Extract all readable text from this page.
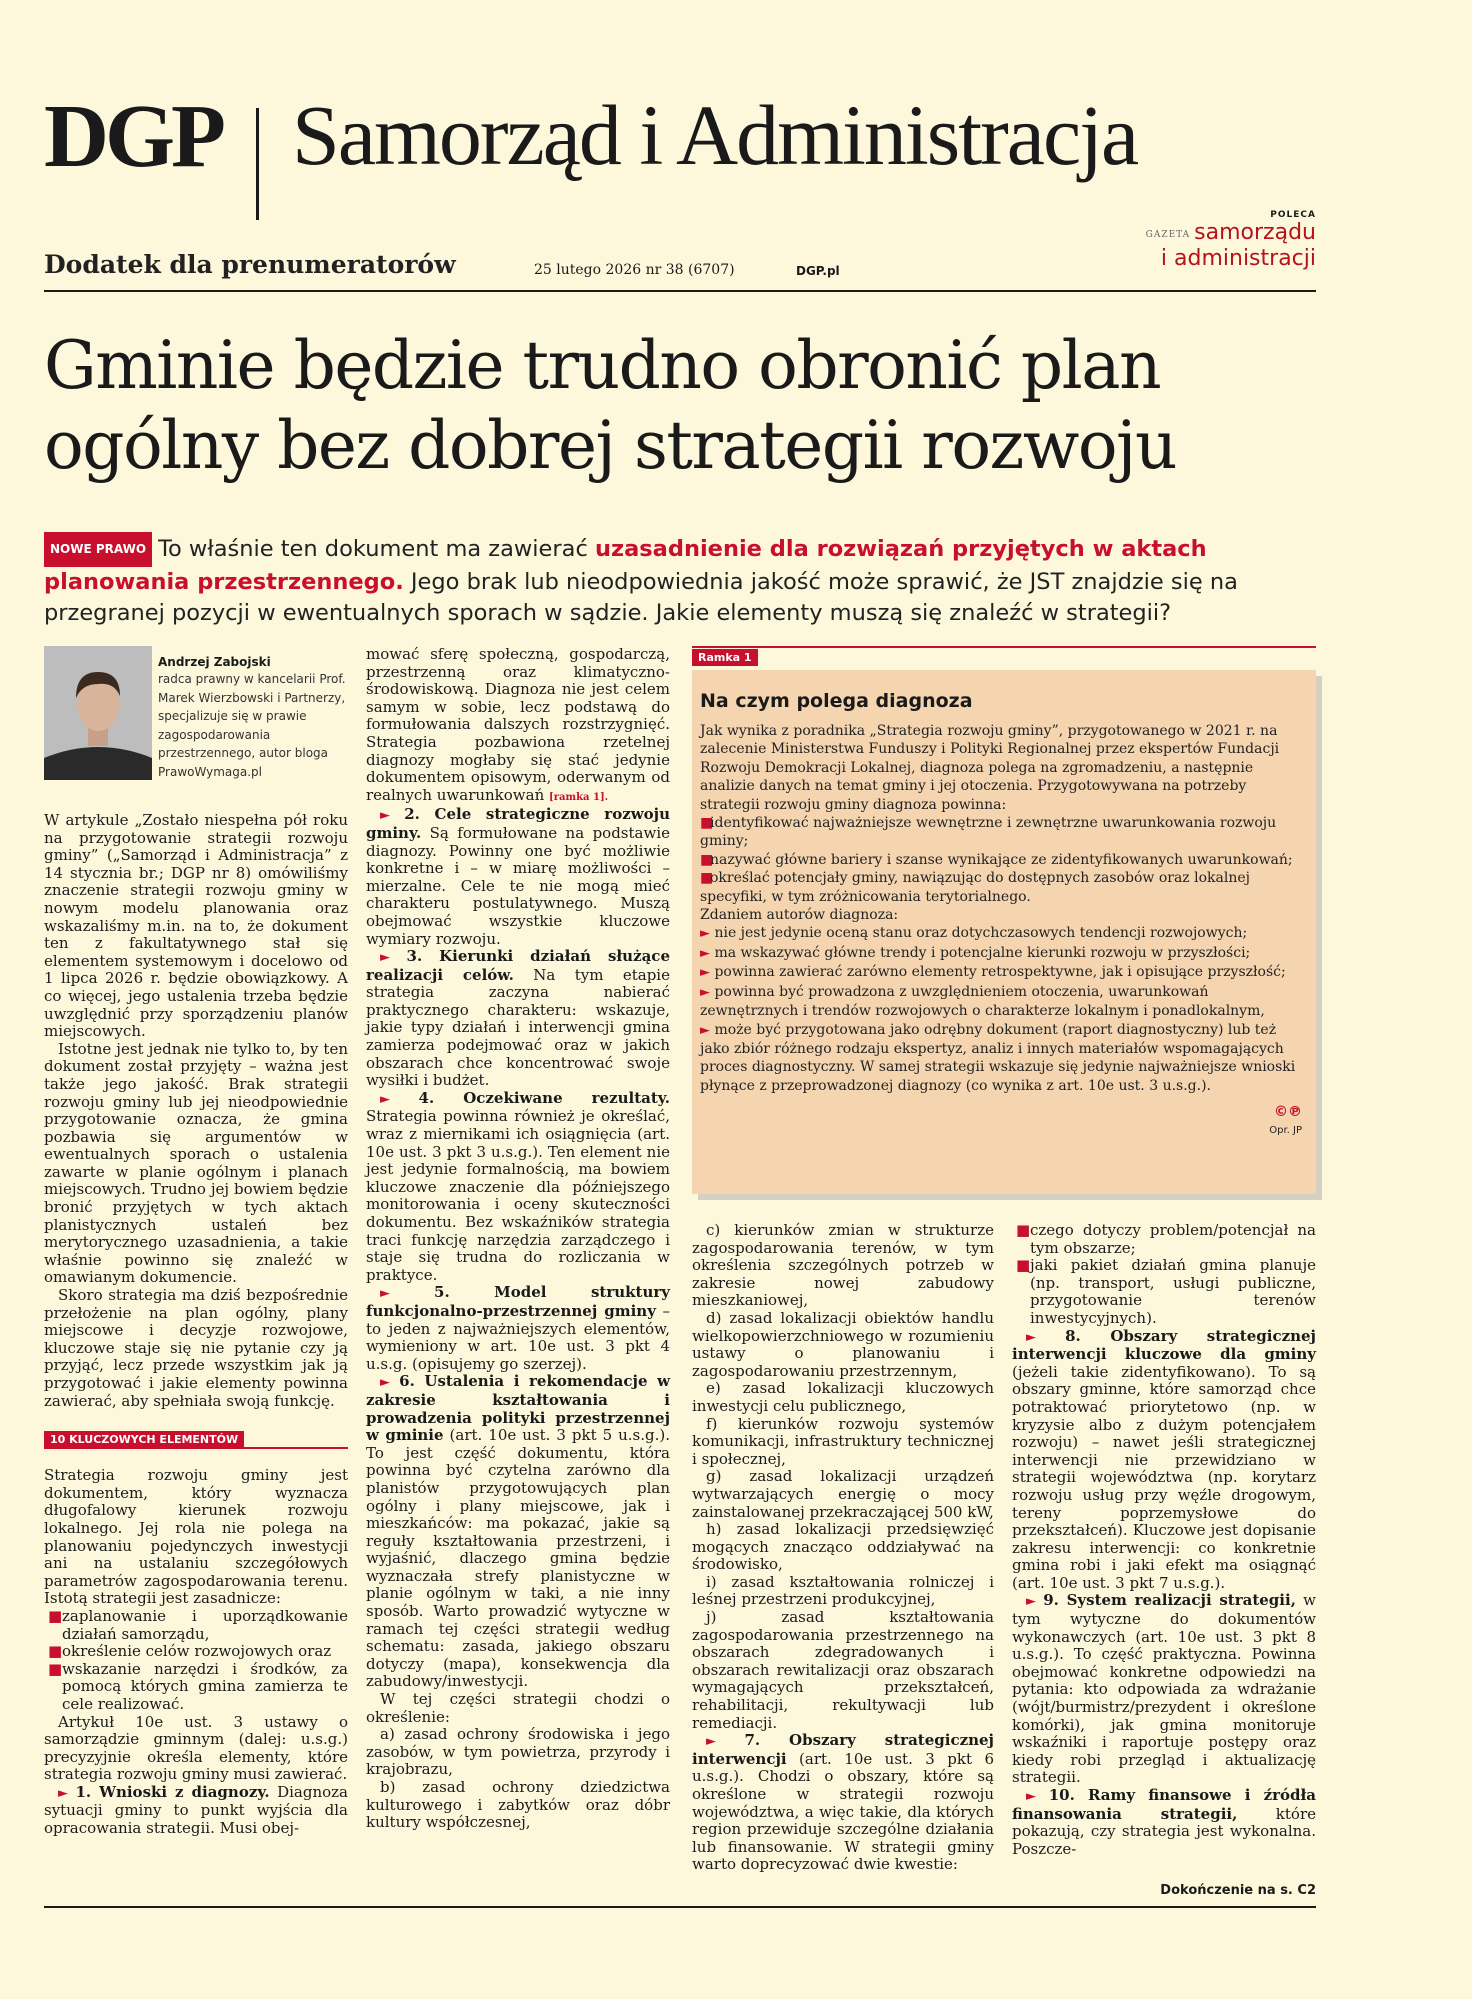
DGP Samorząd i Administracja
Dodatek dla prenumeratorów	25 lutego 2026 nr 38 (6707)	DGP.pl
POLECA
GAZETA samorządu
i administracji
Gminie będzie trudno obronić plan ogólny bez dobrej strategii rozwoju
NOWE PRAWO To właśnie ten dokument ma zawierać uzasadnienie dla rozwiązań przyjętych w aktach planowania przestrzennego. Jego brak lub nieodpowiednia jakość może sprawić, że JST znajdzie się na przegranej pozycji w ewentualnych sporach w sądzie. Jakie elementy muszą się znaleźć w strategii?
Andrzej Zabojski
radca prawny w kancelarii Prof. Marek Wierzbowski i Partnerzy, specjalizuje się w prawie zagospodarowania przestrzennego, autor bloga PrawoWymaga.pl

W artykule „Zostało niespełna pół roku na przygotowanie strategii rozwoju gminy” („Samorząd i Administracja” z 14 stycznia br.; DGP nr 8) omówiliśmy znaczenie strategii rozwoju gminy w nowym modelu planowania oraz wskazaliśmy m.in. na to, że dokument ten z fakultatywnego stał się elementem systemowym i docelowo od 1 lipca 2026 r. będzie obowiązkowy. A co więcej, jego ustalenia trzeba będzie uwzględnić przy sporządzeniu planów miejscowych.

Istotne jest jednak nie tylko to, by ten dokument został przyjęty – ważna jest także jego jakość. Brak strategii rozwoju gminy lub jej nieodpowiednie przygotowanie oznacza, że gmina pozbawia się argumentów w ewentualnych sporach o ustalenia zawarte w planie ogólnym i planach miejscowych. Trudno jej bowiem będzie bronić przyjętych w tych aktach planistycznych ustaleń bez merytorycznego uzasadnienia, a takie właśnie powinno się znaleźć w omawianym dokumencie.

Skoro strategia ma dziś bezpośrednie przełożenie na plan ogólny, plany miejscowe i decyzje rozwojowe, kluczowe staje się nie pytanie czy ją przyjąć, lecz przede wszystkim jak ją przygotować i jakie elementy powinna zawierać, aby spełniała swoją funkcję.

10 KLUCZOWYCH ELEMENTÓW

Strategia rozwoju gminy jest dokumentem, który wyznacza długofalowy kierunek rozwoju lokalnego. Jej rola nie polega na planowaniu pojedynczych inwestycji ani na ustalaniu szczegółowych parametrów zagospodarowania terenu. Istotą strategii jest zasadnicze:

■zaplanowanie i uporządkowanie działań samorządu,

■określenie celów rozwojowych oraz

■wskazanie narzędzi i środków, za pomocą których gmina zamierza te cele realizować.

Artykuł 10e ust. 3 ustawy o samorządzie gminnym (dalej: u.s.g.) precyzyjnie określa elementy, które strategia rozwoju gminy musi zawierać.

► 1. Wnioski z diagnozy. Diagnoza sytuacji gminy to punkt wyjścia dla opracowania strategii. Musi obej-

mować sferę społeczną, gospodarczą, przestrzenną oraz klimatyczno-środowiskową. Diagnoza nie jest celem samym w sobie, lecz podstawą do formułowania dalszych rozstrzygnięć. Strategia pozbawiona rzetelnej diagnozy mogłaby się stać jedynie dokumentem opisowym, oderwanym od realnych uwarunkowań [ramka 1].

► 2. Cele strategiczne rozwoju gminy. Są formułowane na podstawie diagnozy. Powinny one być możliwie konkretne i – w miarę możliwości – mierzalne. Cele te nie mogą mieć charakteru postulatywnego. Muszą obejmować wszystkie kluczowe wymiary rozwoju.

► 3. Kierunki działań służące realizacji celów. Na tym etapie strategia zaczyna nabierać praktycznego charakteru: wskazuje, jakie typy działań i interwencji gmina zamierza podejmować oraz w jakich obszarach chce koncentrować swoje wysiłki i budżet.

► 4. Oczekiwane rezultaty. Strategia powinna również je określać, wraz z miernikami ich osiągnięcia (art. 10e ust. 3 pkt 3 u.s.g.). Ten element nie jest jedynie formalnością, ma bowiem kluczowe znaczenie dla późniejszego monitorowania i oceny skuteczności dokumentu. Bez wskaźników strategia traci funkcję narzędzia zarządczego i staje się trudna do rozliczania w praktyce.

►	5. Model struktury funkcjonalno-przestrzennej gminy – to jeden z najważniejszych elementów, wymieniony w art. 10e ust. 3 pkt 4 u.s.g. (opisujemy go szerzej).

► 6. Ustalenia i rekomendacje w zakresie kształtowania i prowadzenia polityki przestrzennej w gminie (art. 10e ust. 3 pkt 5 u.s.g.). To jest część dokumentu, która powinna być czytelna zarówno dla planistów przygotowujących plan ogólny i plany miejscowe, jak i mieszkańców: ma pokazać, jakie są reguły kształtowania przestrzeni, i wyjaśnić, dlaczego gmina będzie wyznaczała strefy planistyczne w planie ogólnym w taki, a nie inny sposób. Warto prowadzić wytyczne w ramach tej części strategii według schematu: zasada, jakiego obszaru dotyczy (mapa), konsekwencja dla zabudowy/inwestycji.

W tej części strategii chodzi o określenie:

a) zasad ochrony środowiska i jego zasobów, w tym powietrza, przyrody i krajobrazu,

b) zasad ochrony dziedzictwa kulturowego i zabytków oraz dóbr kultury współczesnej,

Ramka 1
Na czym polega diagnoza

Jak wynika z poradnika „Strategia rozwoju gminy”, przygotowanego w 2021 r. na zalecenie Ministerstwa Funduszy i Polityki Regionalnej przez ekspertów Fundacji Rozwoju Demokracji Lokalnej, diagnoza polega na zgromadzeniu, a następnie analizie danych na temat gminy i jej otoczenia. Przygotowywana na potrzeby strategii rozwoju gminy diagnoza powinna:

■identyfikować najważniejsze wewnętrzne i zewnętrzne uwarunkowania rozwoju gminy;

■nazywać główne bariery i szanse wynikające ze zidentyfikowanych uwarunkowań;

■określać potencjały gminy, nawiązując do dostępnych zasobów oraz lokalnej specyfiki, w tym zróżnicowania terytorialnego.

Zdaniem autorów diagnoza:

► nie jest jedynie oceną stanu oraz dotychczasowych tendencji rozwojowych;

► ma wskazywać główne trendy i potencjalne kierunki rozwoju w przyszłości;

► powinna zawierać zarówno elementy retrospektywne, jak i opisujące przyszłość;

► powinna być prowadzona z uwzględnieniem otoczenia, uwarunkowań zewnętrznych i trendów rozwojowych o charakterze lokalnym i ponadlokalnym,

► może być przygotowana jako odrębny dokument (raport diagnostyczny) lub też jako zbiór różnego rodzaju ekspertyz, analiz i innych materiałów wspomagających proces diagnostyczny. W samej strategii wskazuje się jedynie najważniejsze wnioski płynące z przeprowadzonej diagnozy (co wynika z art. 10e ust. 3 u.s.g.).

©℗
Opr. JP

c) kierunków zmian w strukturze zagospodarowania terenów, w tym określenia szczególnych potrzeb w zakresie nowej zabudowy mieszkaniowej,

d) zasad lokalizacji obiektów handlu wielkopowierzchniowego w rozumieniu ustawy o planowaniu i zagospodarowaniu przestrzennym,

e) zasad lokalizacji kluczowych inwestycji celu publicznego,

f) kierunków rozwoju systemów komunikacji, infrastruktury technicznej i społecznej,

g) zasad lokalizacji urządzeń wytwarzających energię o mocy zainstalowanej przekraczającej 500 kW,

h) zasad lokalizacji przedsięwzięć mogących znacząco oddziaływać na środowisko,

i) zasad kształtowania rolniczej i leśnej przestrzeni produkcyjnej,

j) zasad kształtowania zagospodarowania przestrzennego na obszarach zdegradowanych i obszarach rewitalizacji oraz obszarach wymagających przekształceń, rehabilitacji, rekultywacji lub remediacji.

► 7. Obszary strategicznej interwencji (art. 10e ust. 3 pkt 6 u.s.g.). Chodzi o obszary, które są określone w strategii rozwoju województwa, a więc takie, dla których region przewiduje szczególne działania lub finansowanie. W strategii gminy warto doprecyzować dwie kwestie:

■czego dotyczy problem/potencjał na tym obszarze;

■jaki pakiet działań gmina planuje (np. transport, usługi publiczne, przygotowanie terenów inwestycyjnych).

► 8. Obszary strategicznej interwencji kluczowe dla gminy (jeżeli takie zidentyfikowano). To są obszary gminne, które samorząd chce potraktować priorytetowo (np. w kryzysie albo z dużym potencjałem rozwoju) – nawet jeśli strategicznej interwencji nie przewidziano w strategii województwa (np. korytarz rozwoju usług przy węźle drogowym, tereny poprzemysłowe do przekształceń). Kluczowe jest dopisanie zakresu interwencji: co konkretnie gmina robi i jaki efekt ma osiągnąć (art. 10e ust. 3 pkt 7 u.s.g.).

► 9. System realizacji strategii, w tym wytyczne do dokumentów wykonawczych (art. 10e ust. 3 pkt 8 u.s.g.). To część praktyczna. Powinna obejmować konkretne odpowiedzi na pytania: kto odpowiada za wdrażanie (wójt/burmistrz/prezydent i określone komórki), jak gmina monitoruje wskaźniki i raportuje postępy oraz kiedy robi przegląd i aktualizację strategii.

► 10. Ramy finansowe i źródła finansowania strategii, które pokazują, czy strategia jest wykonalna. Poszcze-

Dokończenie na s. C2
